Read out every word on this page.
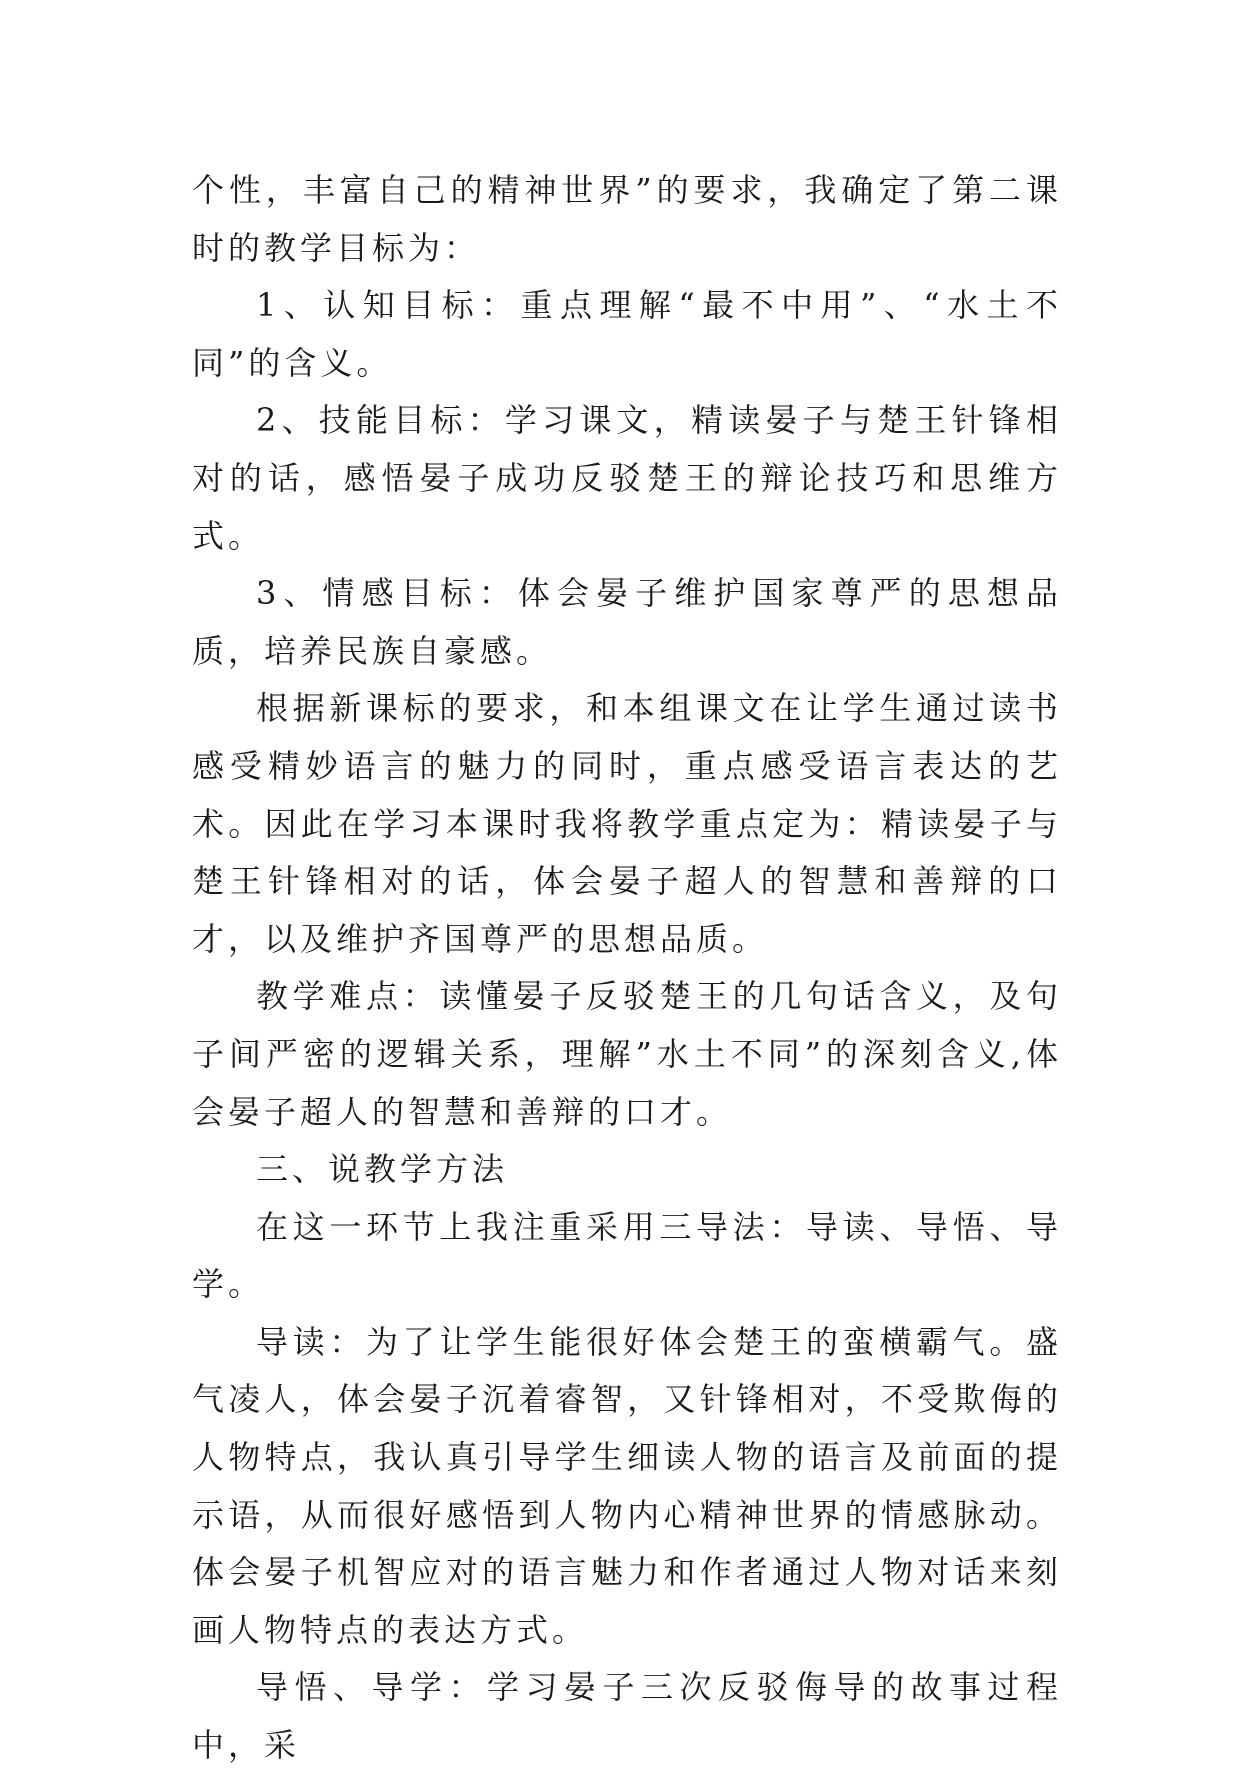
个性，丰富自己的精神世界”的要求，我确定了第二课时的教学目标为：

1、认知目标：重点理解“最不中用”、“水土不同”的含义。

2、技能目标：学习课文，精读晏子与楚王针锋相对的话，感悟晏子成功反驳楚王的辩论技巧和思维方式。

3、情感目标：体会晏子维护国家尊严的思想品质，培养民族自豪感。

根据新课标的要求，和本组课文在让学生通过读书感受精妙语言的魅力的同时，重点感受语言表达的艺术。因此在学习本课时我将教学重点定为：精读晏子与楚王针锋相对的话，体会晏子超人的智慧和善辩的口才，以及维护齐国尊严的思想品质。

教学难点：读懂晏子反驳楚王的几句话含义，及句子间严密的逻辑关系，理解”水土不同”的深刻含义,体会晏子超人的智慧和善辩的口才。

三、说教学方法

在这一环节上我注重采用三导法：导读、导悟、导学。

导读：为了让学生能很好体会楚王的蛮横霸气。盛气凌人，体会晏子沉着睿智，又针锋相对，不受欺侮的人物特点，我认真引导学生细读人物的语言及前面的提示语，从而很好感悟到人物内心精神世界的情感脉动。体会晏子机智应对的语言魅力和作者通过人物对话来刻画人物特点的表达方式。

导悟、导学：学习晏子三次反驳侮导的故事过程中，采
